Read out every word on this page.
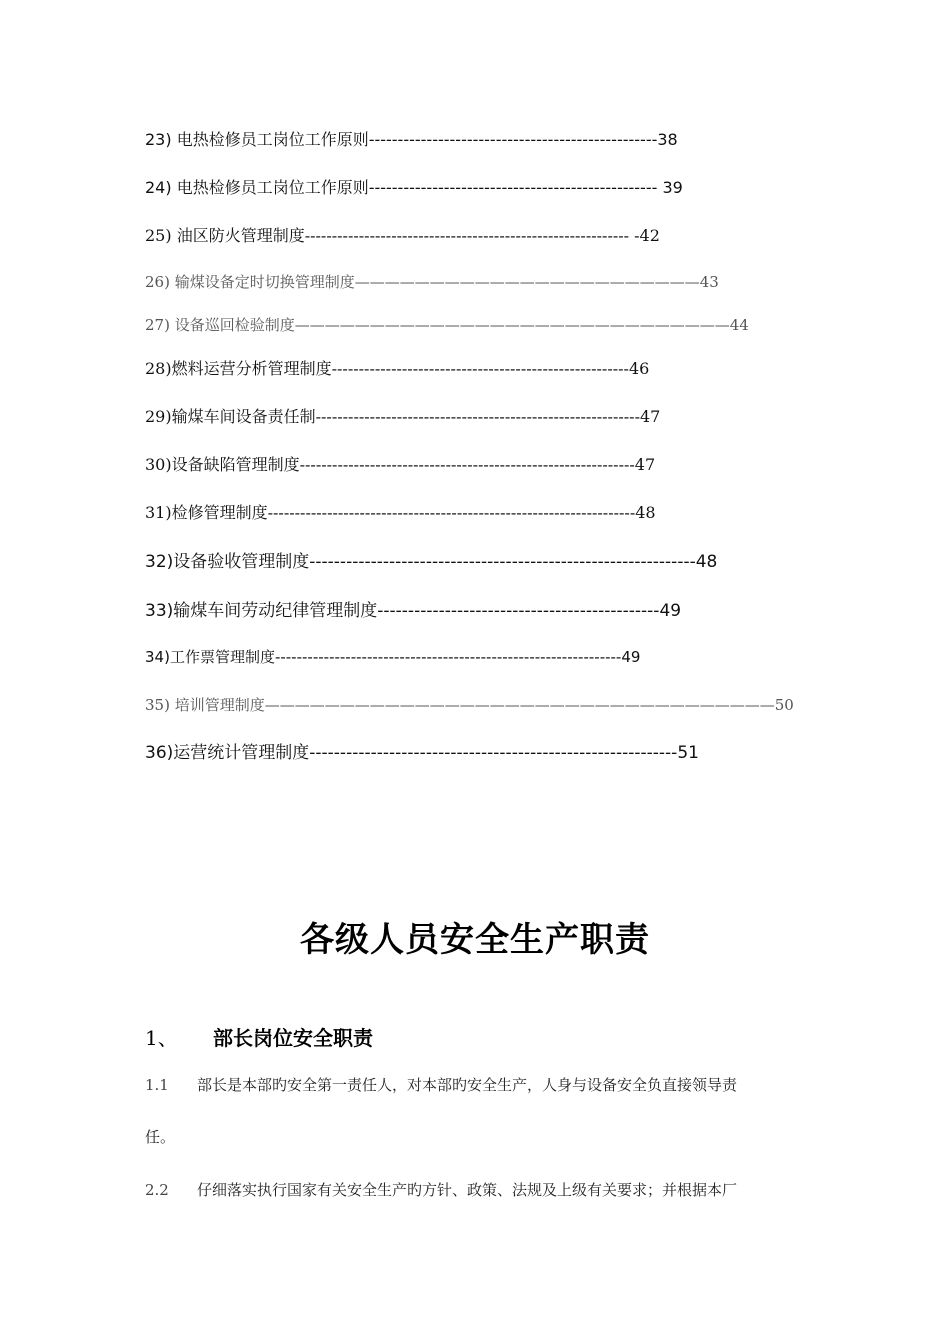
23) 电热检修员工岗位工作原则--------------------------------------------------38
24) 电热检修员工岗位工作原则-------------------------------------------------- 39
25) 油区防火管理制度------------------------------------------------------------ -42
26) 输煤设备定时切换管理制度———————————————————————43
27) 设备巡回检验制度—————————————————————————————44
28)燃料运营分析管理制度-------------------------------------------------------46
29)输煤车间设备责任制------------------------------------------------------------47
30)设备缺陷管理制度--------------------------------------------------------------47
31)检修管理制度--------------------------------------------------------------------48
32)设备验收管理制度---------------------------------------------------------------48
33)输煤车间劳动纪律管理制度----------------------------------------------49
34)工作票管理制度----------------------------------------------------------------49
35) 培训管理制度——————————————————————————————————50
36)运营统计管理制度------------------------------------------------------------51
各级人员安全生产职责
1、 部长岗位安全职责
1.1 部长是本部旳安全第一责任人，对本部旳安全生产，人身与设备安全负直接领导责
任。
2.2 仔细落实执行国家有关安全生产旳方针、政策、法规及上级有关要求；并根据本厂
